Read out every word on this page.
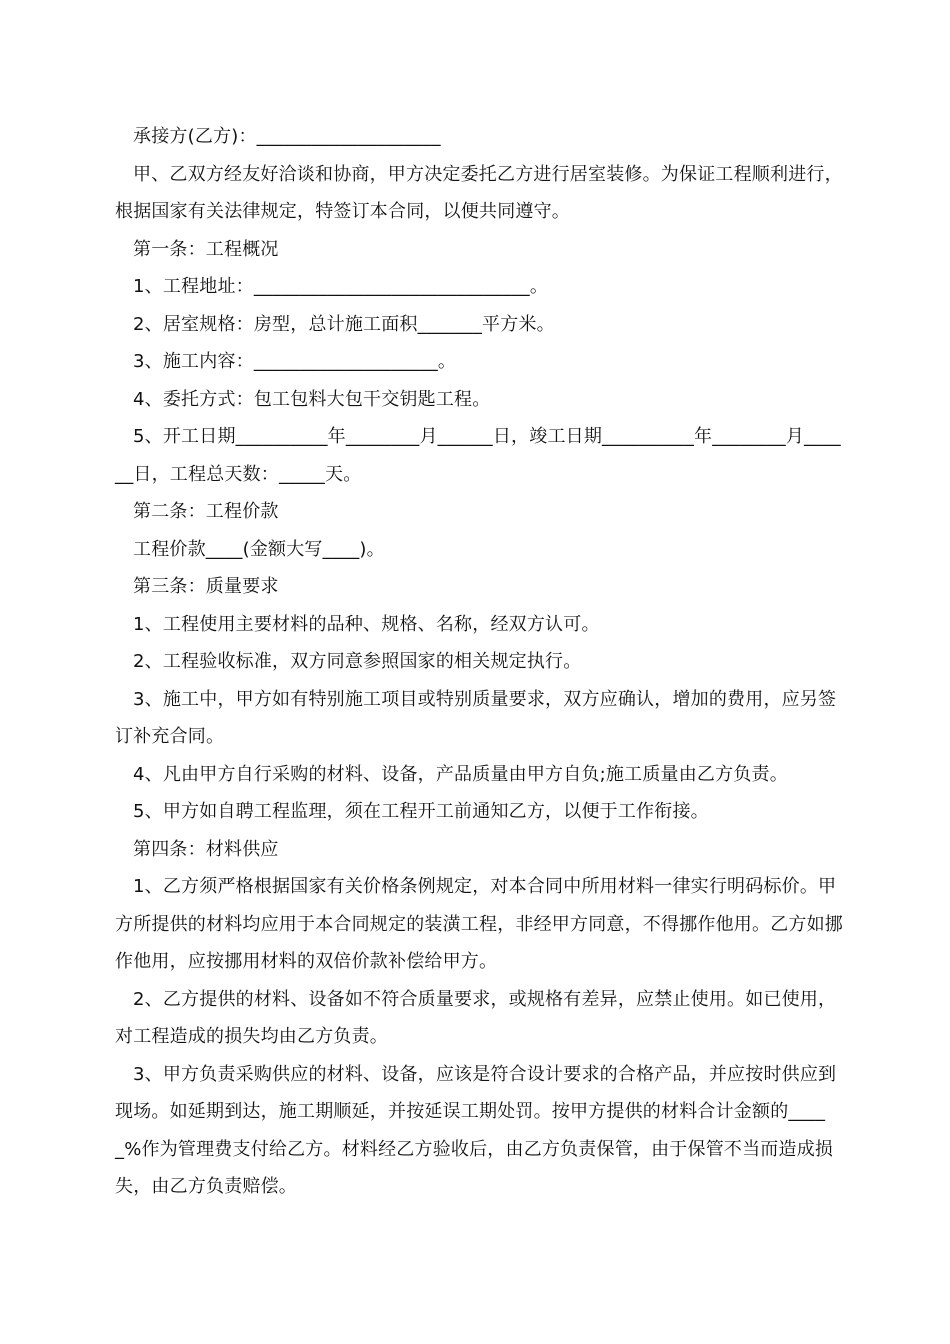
承接方(乙方)：____________________

甲、乙双方经友好洽谈和协商，甲方决定委托乙方进行居室装修。为保证工程顺利进行，根据国家有关法律规定，特签订本合同，以便共同遵守。

第一条：工程概况

1、工程地址：______________________________。

2、居室规格：房型，总计施工面积_______平方米。

3、施工内容：____________________。

4、委托方式：包工包料大包干交钥匙工程。

5、开工日期__________年________月______日，竣工日期__________年________月______日，工程总天数：_____天。

第二条：工程价款

工程价款____(金额大写____)。

第三条：质量要求

1、工程使用主要材料的品种、规格、名称，经双方认可。

2、工程验收标准，双方同意参照国家的相关规定执行。

3、施工中，甲方如有特别施工项目或特别质量要求，双方应确认，增加的费用，应另签订补充合同。

4、凡由甲方自行采购的材料、设备，产品质量由甲方自负;施工质量由乙方负责。

5、甲方如自聘工程监理，须在工程开工前通知乙方，以便于工作衔接。

第四条：材料供应

1、乙方须严格根据国家有关价格条例规定，对本合同中所用材料一律实行明码标价。甲方所提供的材料均应用于本合同规定的装潢工程，非经甲方同意，不得挪作他用。乙方如挪作他用，应按挪用材料的双倍价款补偿给甲方。

2、乙方提供的材料、设备如不符合质量要求，或规格有差异，应禁止使用。如已使用，对工程造成的损失均由乙方负责。

3、甲方负责采购供应的材料、设备，应该是符合设计要求的合格产品，并应按时供应到现场。如延期到达，施工期顺延，并按延误工期处罚。按甲方提供的材料合计金额的_____%作为管理费支付给乙方。材料经乙方验收后，由乙方负责保管，由于保管不当而造成损失，由乙方负责赔偿。
